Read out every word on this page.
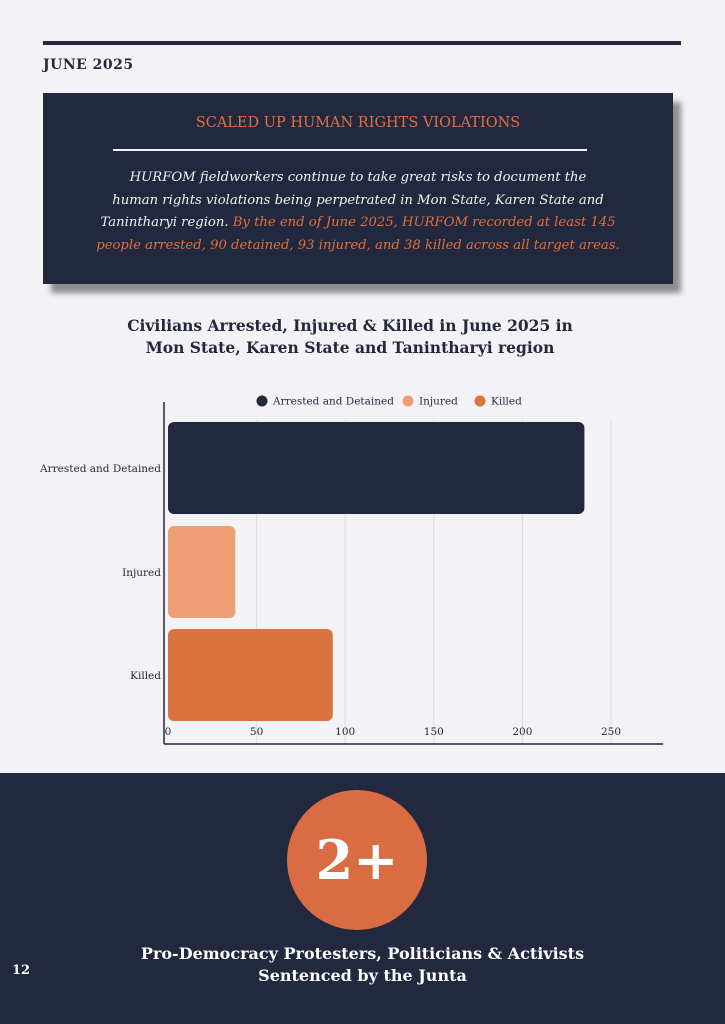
JUNE 2025
SCALED UP HUMAN RIGHTS VIOLATIONS
HURFOM fieldworkers continue to take great risks to document the
human rights violations being perpetrated in Mon State, Karen State and
Tanintharyi region. By the end of June 2025, HURFOM recorded at least 145
people arrested, 90 detained, 93 injured, and 38 killed across all target areas.
Civilians Arrested, Injured & Killed in June 2025 in
Mon State, Karen State and Tanintharyi region
Arrested and Detained
Injured
Killed
0	50	100	150	200	250
Arrested and Detained Injured	Killed
2+
Pro-Democracy Protesters, Politicians & Activists
Sentenced by the Junta
12
